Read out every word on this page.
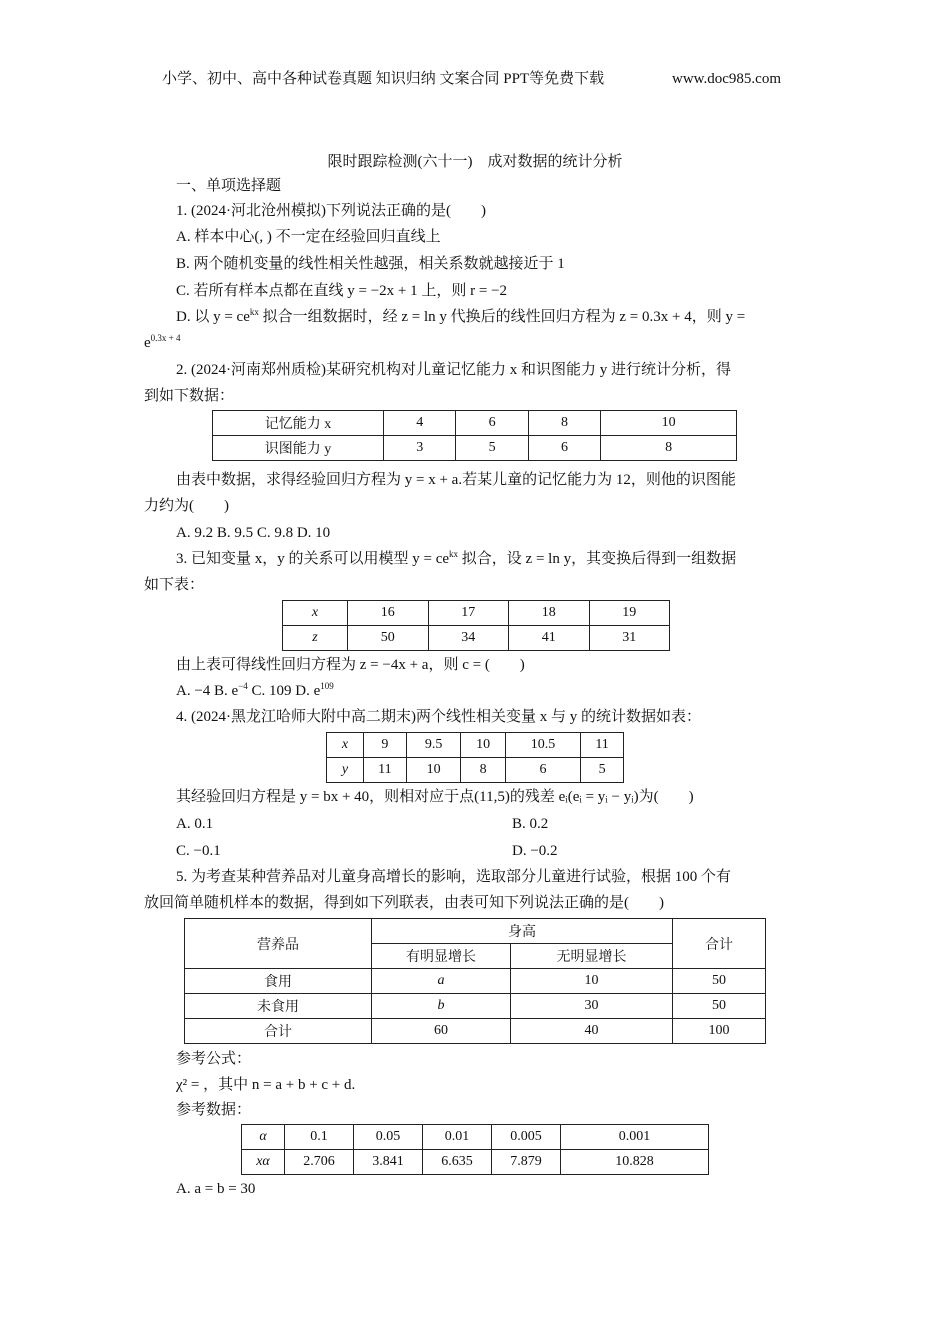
小学、初中、高中各种试卷真题 知识归纳 文案合同 PPT等免费下载	www.doc985.com
限时跟踪检测(六十一)　成对数据的统计分析
一、单项选择题
1. (2024·河北沧州模拟)下列说法正确的是(　　)
A. 样本中心(, ) 不一定在经验回归直线上
B. 两个随机变量的线性相关性越强，相关系数就越接近于 1
C. 若所有样本点都在直线 y = −2x + 1 上，则 r = −2
D. 以 $y = ce^{kx}$ 拟合一组数据时，经 z = ln y 代换后的线性回归方程为 z = 0.3x + 4，则 y =
$e^{0.3x + 4}$
2. (2024·河南郑州质检)某研究机构对儿童记忆能力 x 和识图能力 y 进行统计分析，得
到如下数据：
记忆能力 x	4	6	8	10
识图能力 y	3	5	6	8
由表中数据，求得经验回归方程为 y = x + a.若某儿童的记忆能力为 12，则他的识图能
力约为(　　)
A. 9.2 B. 9.5 C. 9.8 D. 10
3. 已知变量 x，y 的关系可以用模型 $y = ce^{kx}$ 拟合，设 z = ln y，其变换后得到一组数据
如下表：
x	16	17	18	19
z	50	34	41	31
由上表可得线性回归方程为 z = −4x + a，则 c = (　　)
A. −4 B. $e^{-4}$ C. 109 D. $e^{109}$
4. (2024·黑龙江哈师大附中高二期末)两个线性相关变量 x 与 y 的统计数据如表：
x	9	9.5	10	10.5	11
y	11	10	8	6	5
其经验回归方程是 y = bx + 40，则相对应于点(11,5)的残差 eᵢ(eᵢ = yᵢ − yᵢ)为(　　)
A. 0.1	B. 0.2
C. −0.1	D. −0.2
5. 为考查某种营养品对儿童身高增长的影响，选取部分儿童进行试验，根据 100 个有
放回简单随机样本的数据，得到如下列联表，由表可知下列说法正确的是(　　)
营养品	身高		合计
	有明显增长	无明显增长	
食用	a	10	50
未食用	b	30	50
合计	60	40	100
参考公式：
χ² = ，其中 n = a + b + c + d.
参考数据：
α	0.1	0.05	0.01	0.005	0.001
xα	2.706	3.841	6.635	7.879	10.828
A. a = b = 30
